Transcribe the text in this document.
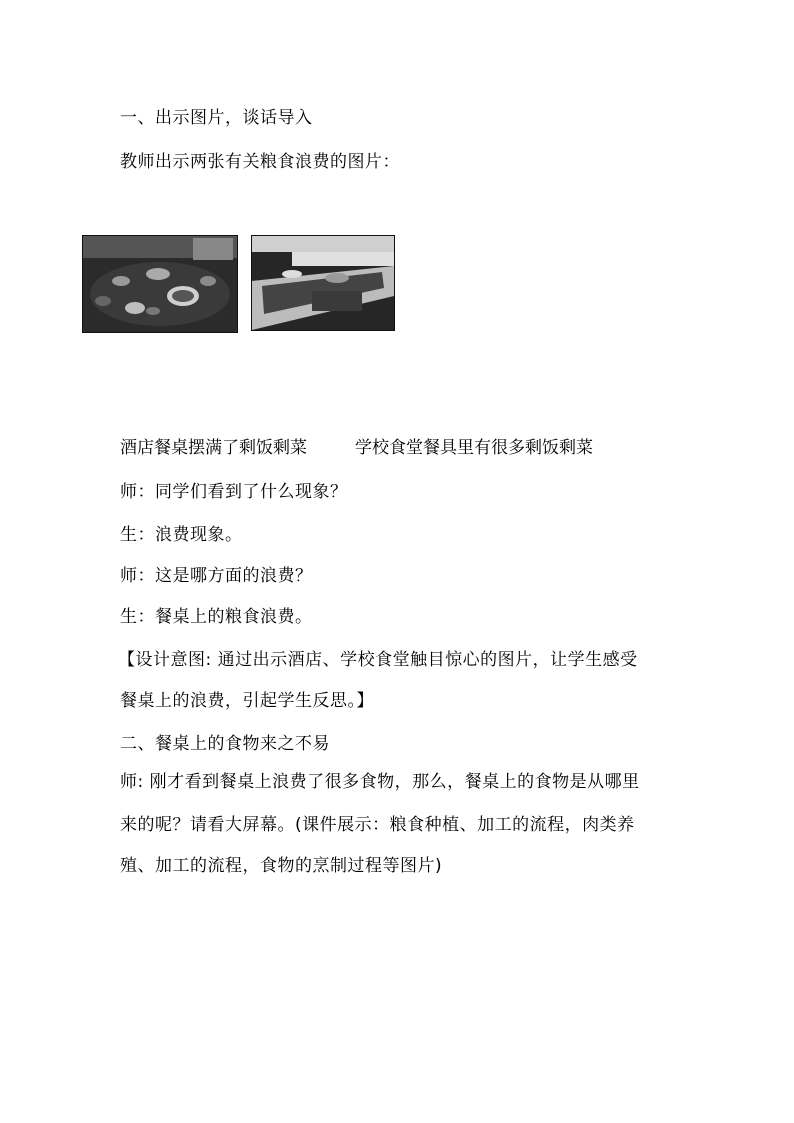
一、出示图片，谈话导入
教师出示两张有关粮食浪费的图片：
酒店餐桌摆满了剩饭剩菜	学校食堂餐具里有很多剩饭剩菜
师：同学们看到了什么现象？
生：浪费现象。
师：这是哪方面的浪费？
生：餐桌上的粮食浪费。
【设计意图: 通过出示酒店、学校食堂触目惊心的图片，让学生感受
餐桌上的浪费，引起学生反思。】
二、餐桌上的食物来之不易
师: 刚才看到餐桌上浪费了很多食物，那么，餐桌上的食物是从哪里
来的呢？请看大屏幕。(课件展示：粮食种植、加工的流程，肉类养
殖、加工的流程，食物的烹制过程等图片)
